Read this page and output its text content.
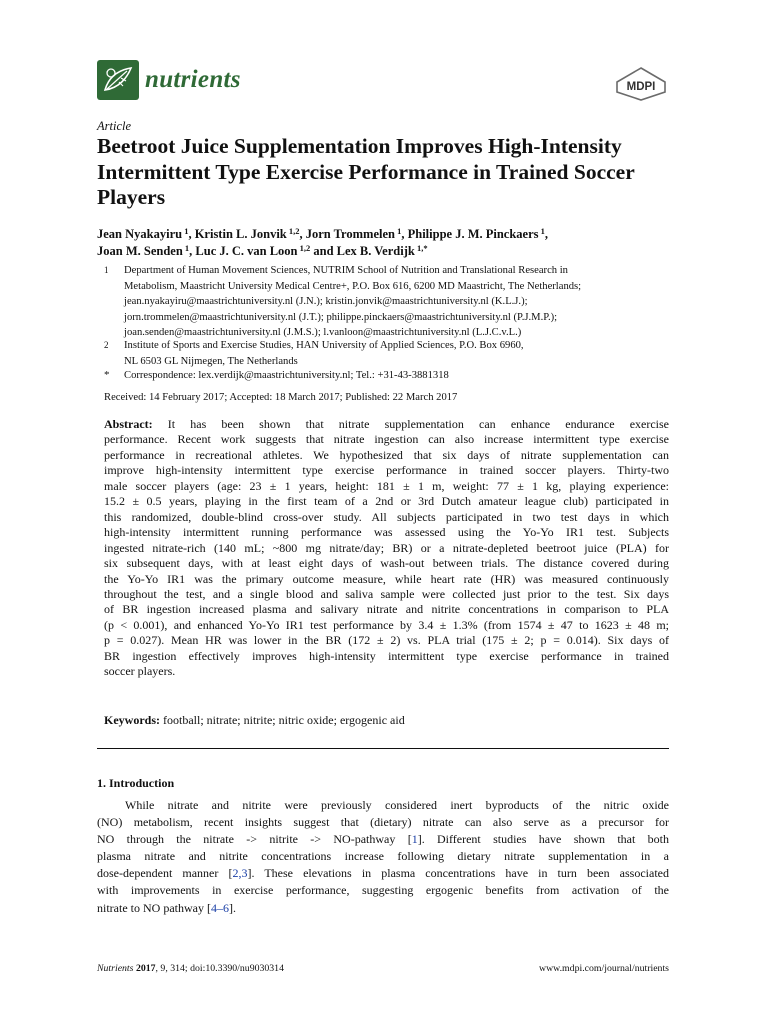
nutrients	MDPI
Article
Beetroot Juice Supplementation Improves High-Intensity Intermittent Type Exercise Performance in Trained Soccer Players
Jean Nyakayiru $^1$, Kristin L. Jonvik $^{1,2}$, Jorn Trommelen $^1$, Philippe J. M. Pinckaers $^1$,
Joan M. Senden $^1$, Luc J. C. van Loon $^{1,2}$ and Lex B. Verdijk $^{1,*}$
1 Department of Human Movement Sciences, NUTRIM School of Nutrition and Translational Research in
Metabolism, Maastricht University Medical Centre+, P.O. Box 616, 6200 MD Maastricht, The Netherlands;
jean.nyakayiru@maastrichtuniversity.nl (J.N.); kristin.jonvik@maastrichtuniversity.nl (K.L.J.);
jorn.trommelen@maastrichtuniversity.nl (J.T.); philippe.pinckaers@maastrichtuniversity.nl (P.J.M.P.);
joan.senden@maastrichtuniversity.nl (J.M.S.); l.vanloon@maastrichtuniversity.nl (L.J.C.v.L.)
2 Institute of Sports and Exercise Studies, HAN University of Applied Sciences, P.O. Box 6960,
NL 6503 GL Nijmegen, The Netherlands
* Correspondence: lex.verdijk@maastrichtuniversity.nl; Tel.: +31-43-3881318
Received: 14 February 2017; Accepted: 18 March 2017; Published: 22 March 2017
Abstract: It has been shown that nitrate supplementation can enhance endurance exercise
performance. Recent work suggests that nitrate ingestion can also increase intermittent type exercise
performance in recreational athletes. We hypothesized that six days of nitrate supplementation can
improve high-intensity intermittent type exercise performance in trained soccer players. Thirty-two
male soccer players (age: 23 ± 1 years, height: 181 ± 1 m, weight: 77 ± 1 kg, playing experience:
15.2 ± 0.5 years, playing in the first team of a 2nd or 3rd Dutch amateur league club) participated in
this randomized, double-blind cross-over study. All subjects participated in two test days in which
high-intensity intermittent running performance was assessed using the Yo-Yo IR1 test. Subjects
ingested nitrate-rich (140 mL; ~800 mg nitrate/day; BR) or a nitrate-depleted beetroot juice (PLA) for
six subsequent days, with at least eight days of wash-out between trials. The distance covered during
the Yo-Yo IR1 was the primary outcome measure, while heart rate (HR) was measured continuously
throughout the test, and a single blood and saliva sample were collected just prior to the test. Six days
of BR ingestion increased plasma and salivary nitrate and nitrite concentrations in comparison to PLA
(p < 0.001), and enhanced Yo-Yo IR1 test performance by 3.4 ± 1.3% (from 1574 ± 47 to 1623 ± 48 m;
p = 0.027). Mean HR was lower in the BR (172 ± 2) vs. PLA trial (175 ± 2; p = 0.014). Six days of
BR ingestion effectively improves high-intensity intermittent type exercise performance in trained
soccer players.
Keywords: football; nitrate; nitrite; nitric oxide; ergogenic aid
1. Introduction
While nitrate and nitrite were previously considered inert byproducts of the nitric oxide
(NO) metabolism, recent insights suggest that (dietary) nitrate can also serve as a precursor for
NO through the nitrate -> nitrite -> NO-pathway [1]. Different studies have shown that both
plasma nitrate and nitrite concentrations increase following dietary nitrate supplementation in a
dose-dependent manner [2,3]. These elevations in plasma concentrations have in turn been associated
with improvements in exercise performance, suggesting ergogenic benefits from activation of the
nitrate to NO pathway [4–6].
Nutrients 2017, 9, 314; doi:10.3390/nu9030314	www.mdpi.com/journal/nutrients
